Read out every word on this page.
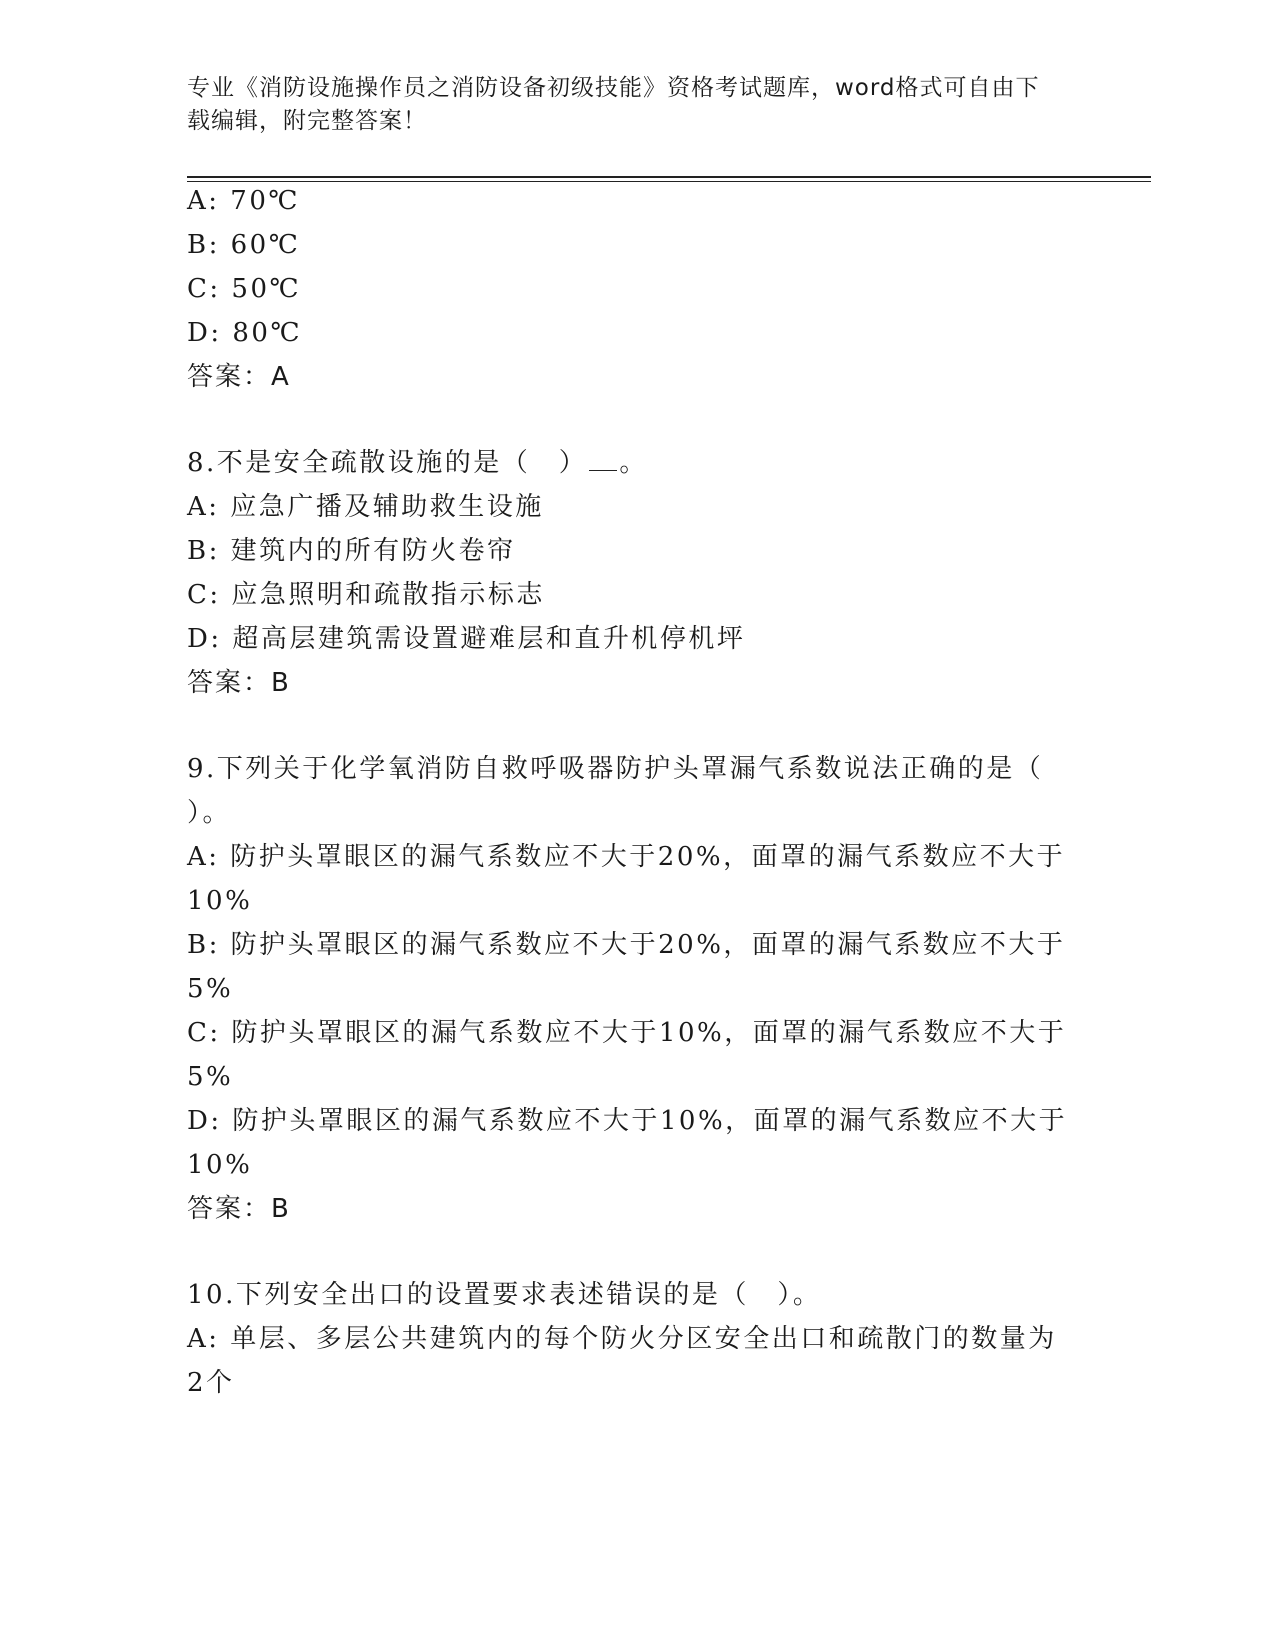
专业《消防设施操作员之消防设备初级技能》资格考试题库，word格式可自由下
载编辑，附完整答案！
A: 70℃
B: 60℃
C: 50℃
D: 80℃
答案：A
8.不是安全疏散设施的是（　） 。
A: 应急广播及辅助救生设施
B: 建筑内的所有防火卷帘
C: 应急照明和疏散指示标志
D: 超高层建筑需设置避难层和直升机停机坪
答案：B
9.下列关于化学氧消防自救呼吸器防护头罩漏气系数说法正确的是（
）。
A: 防护头罩眼区的漏气系数应不大于20%，面罩的漏气系数应不大于
10%
B: 防护头罩眼区的漏气系数应不大于20%，面罩的漏气系数应不大于
5%
C: 防护头罩眼区的漏气系数应不大于10%，面罩的漏气系数应不大于
5%
D: 防护头罩眼区的漏气系数应不大于10%，面罩的漏气系数应不大于
10%
答案：B
10.下列安全出口的设置要求表述错误的是（　）。
A: 单层、多层公共建筑内的每个防火分区安全出口和疏散门的数量为
2个
